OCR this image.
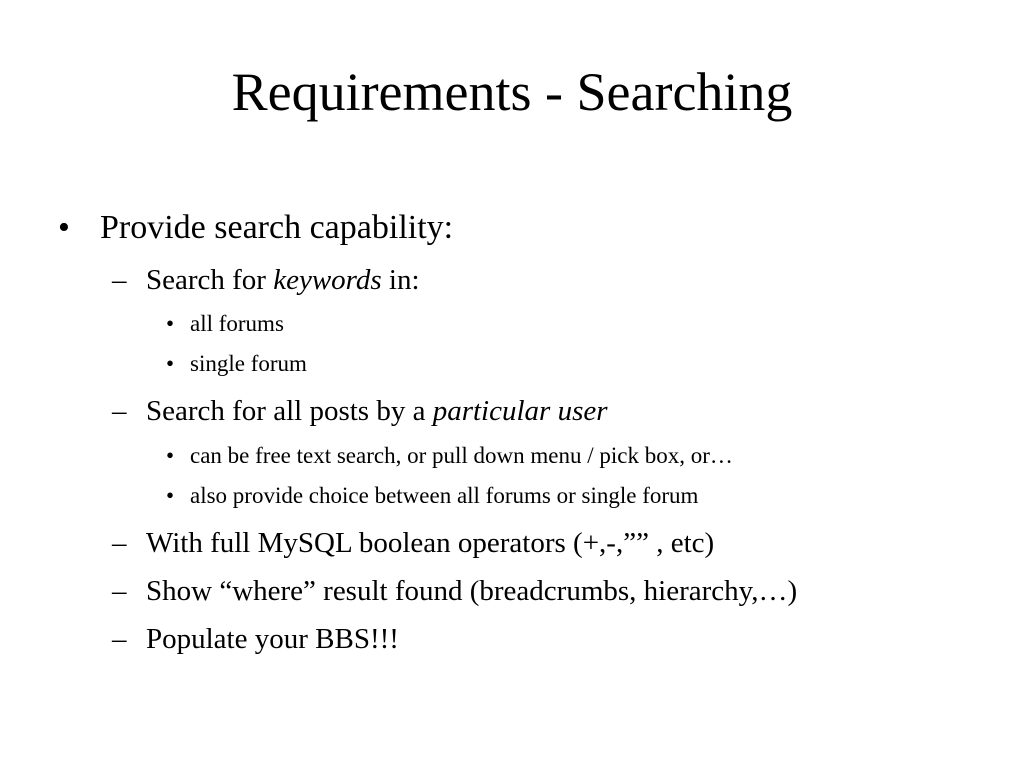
Requirements - Searching
• Provide search capability:
– Search for keywords in:
• all forums
• single forum
– Search for all posts by a particular user
• can be free text search, or pull down menu / pick box, or…
• also provide choice between all forums or single forum
– With full MySQL boolean operators (+,-,”” , etc)
– Show “where” result found (breadcrumbs, hierarchy,…)
– Populate your BBS!!!
